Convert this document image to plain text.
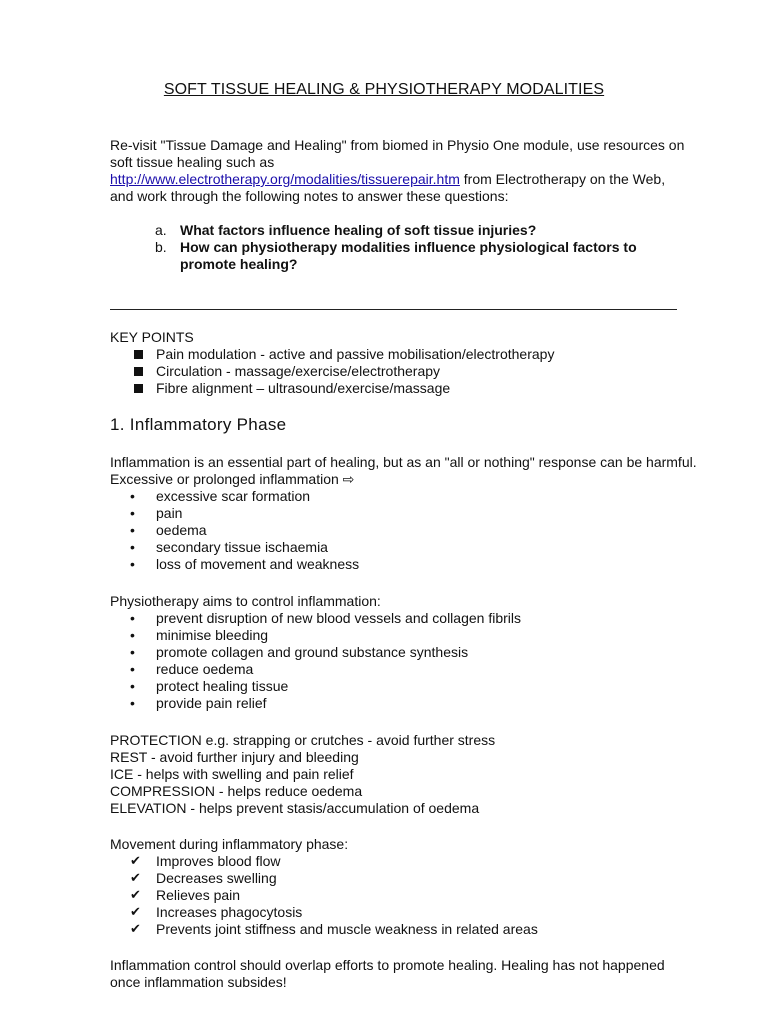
SOFT TISSUE HEALING & PHYSIOTHERAPY MODALITIES
Re-visit "Tissue Damage and Healing" from biomed in Physio One module, use resources on soft tissue healing such as
http://www.electrotherapy.org/modalities/tissuerepair.htm from Electrotherapy on the Web, and work through the following notes to answer these questions:
a. What factors influence healing of soft tissue injuries?
b. How can physiotherapy modalities influence physiological factors to promote healing?
KEY POINTS
Pain modulation - active and passive mobilisation/electrotherapy
Circulation - massage/exercise/electrotherapy
Fibre alignment – ultrasound/exercise/massage
1. Inflammatory Phase
Inflammation is an essential part of healing, but as an "all or nothing" response can be harmful. Excessive or prolonged inflammation ⇨
• excessive scar formation
• pain
• oedema
• secondary tissue ischaemia
• loss of movement and weakness
Physiotherapy aims to control inflammation:
• prevent disruption of new blood vessels and collagen fibrils
• minimise bleeding
• promote collagen and ground substance synthesis
• reduce oedema
• protect healing tissue
• provide pain relief
PROTECTION e.g. strapping or crutches - avoid further stress
REST - avoid further injury and bleeding
ICE - helps with swelling and pain relief
COMPRESSION - helps reduce oedema
ELEVATION - helps prevent stasis/accumulation of oedema
Movement during inflammatory phase:
✔ Improves blood flow
✔ Decreases swelling
✔ Relieves pain
✔ Increases phagocytosis
✔ Prevents joint stiffness and muscle weakness in related areas
Inflammation control should overlap efforts to promote healing. Healing has not happened once inflammation subsides!
